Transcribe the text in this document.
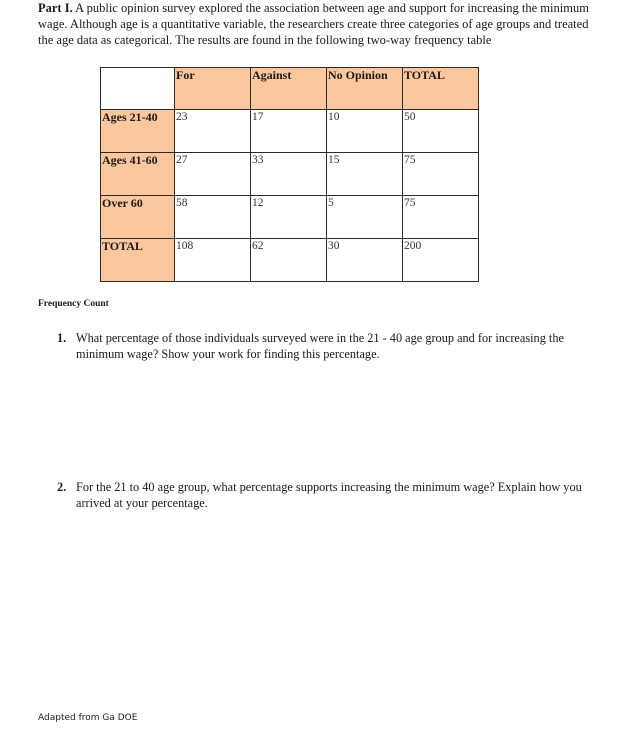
Part I. A public opinion survey explored the association between age and support for increasing the minimum wage. Although age is a quantitative variable, the researchers create three categories of age groups and treated the age data as categorical. The results are found in the following two-way frequency table
	For	Against	No Opinion	TOTAL
Ages 21-40	23	17	10	50
Ages 41-60	27	33	15	75
Over 60	58	12	5	75
TOTAL	108	62	30	200
Frequency Count
1. What percentage of those individuals surveyed were in the 21 - 40 age group and for increasing the minimum wage? Show your work for finding this percentage.
2. For the 21 to 40 age group, what percentage supports increasing the minimum wage? Explain how you arrived at your percentage.
Adapted from Ga DOE
